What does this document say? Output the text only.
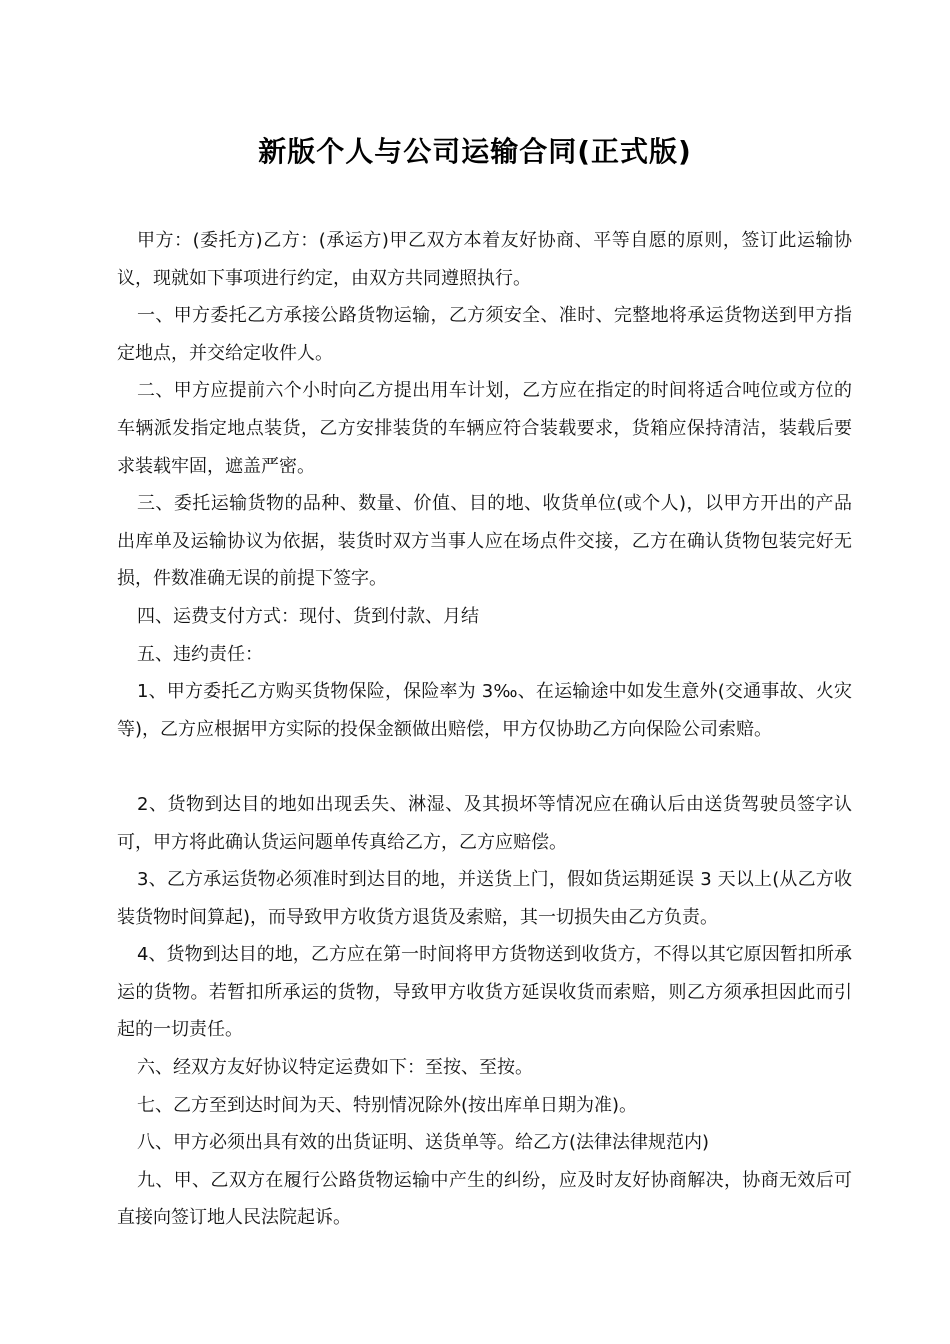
新版个人与公司运输合同(正式版)

甲方：(委托方)乙方：(承运方)甲乙双方本着友好协商、平等自愿的原则，签订此运输协议，现就如下事项进行约定，由双方共同遵照执行。

一、甲方委托乙方承接公路货物运输，乙方须安全、准时、完整地将承运货物送到甲方指定地点，并交给定收件人。

二、甲方应提前六个小时向乙方提出用车计划，乙方应在指定的时间将适合吨位或方位的车辆派发指定地点装货，乙方安排装货的车辆应符合装载要求，货箱应保持清洁，装载后要求装载牢固，遮盖严密。

三、委托运输货物的品种、数量、价值、目的地、收货单位(或个人)，以甲方开出的产品出库单及运输协议为依据，装货时双方当事人应在场点件交接，乙方在确认货物包装完好无损，件数准确无误的前提下签字。

四、运费支付方式：现付、货到付款、月结

五、违约责任：

1、甲方委托乙方购买货物保险，保险率为 3‰、在运输途中如发生意外(交通事故、火灾等)，乙方应根据甲方实际的投保金额做出赔偿，甲方仅协助乙方向保险公司索赔。

2、货物到达目的地如出现丢失、淋湿、及其损坏等情况应在确认后由送货驾驶员签字认可，甲方将此确认货运问题单传真给乙方，乙方应赔偿。

3、乙方承运货物必须准时到达目的地，并送货上门，假如货运期延误 3 天以上(从乙方收装货物时间算起)，而导致甲方收货方退货及索赔，其一切损失由乙方负责。

4、货物到达目的地，乙方应在第一时间将甲方货物送到收货方，不得以其它原因暂扣所承运的货物。若暂扣所承运的货物，导致甲方收货方延误收货而索赔，则乙方须承担因此而引起的一切责任。

六、经双方友好协议特定运费如下：至按、至按。

七、乙方至到达时间为天、特别情况除外(按出库单日期为准)。

八、甲方必须出具有效的出货证明、送货单等。给乙方(法律法律规范内)

九、甲、乙双方在履行公路货物运输中产生的纠纷，应及时友好协商解决，协商无效后可直接向签订地人民法院起诉。
